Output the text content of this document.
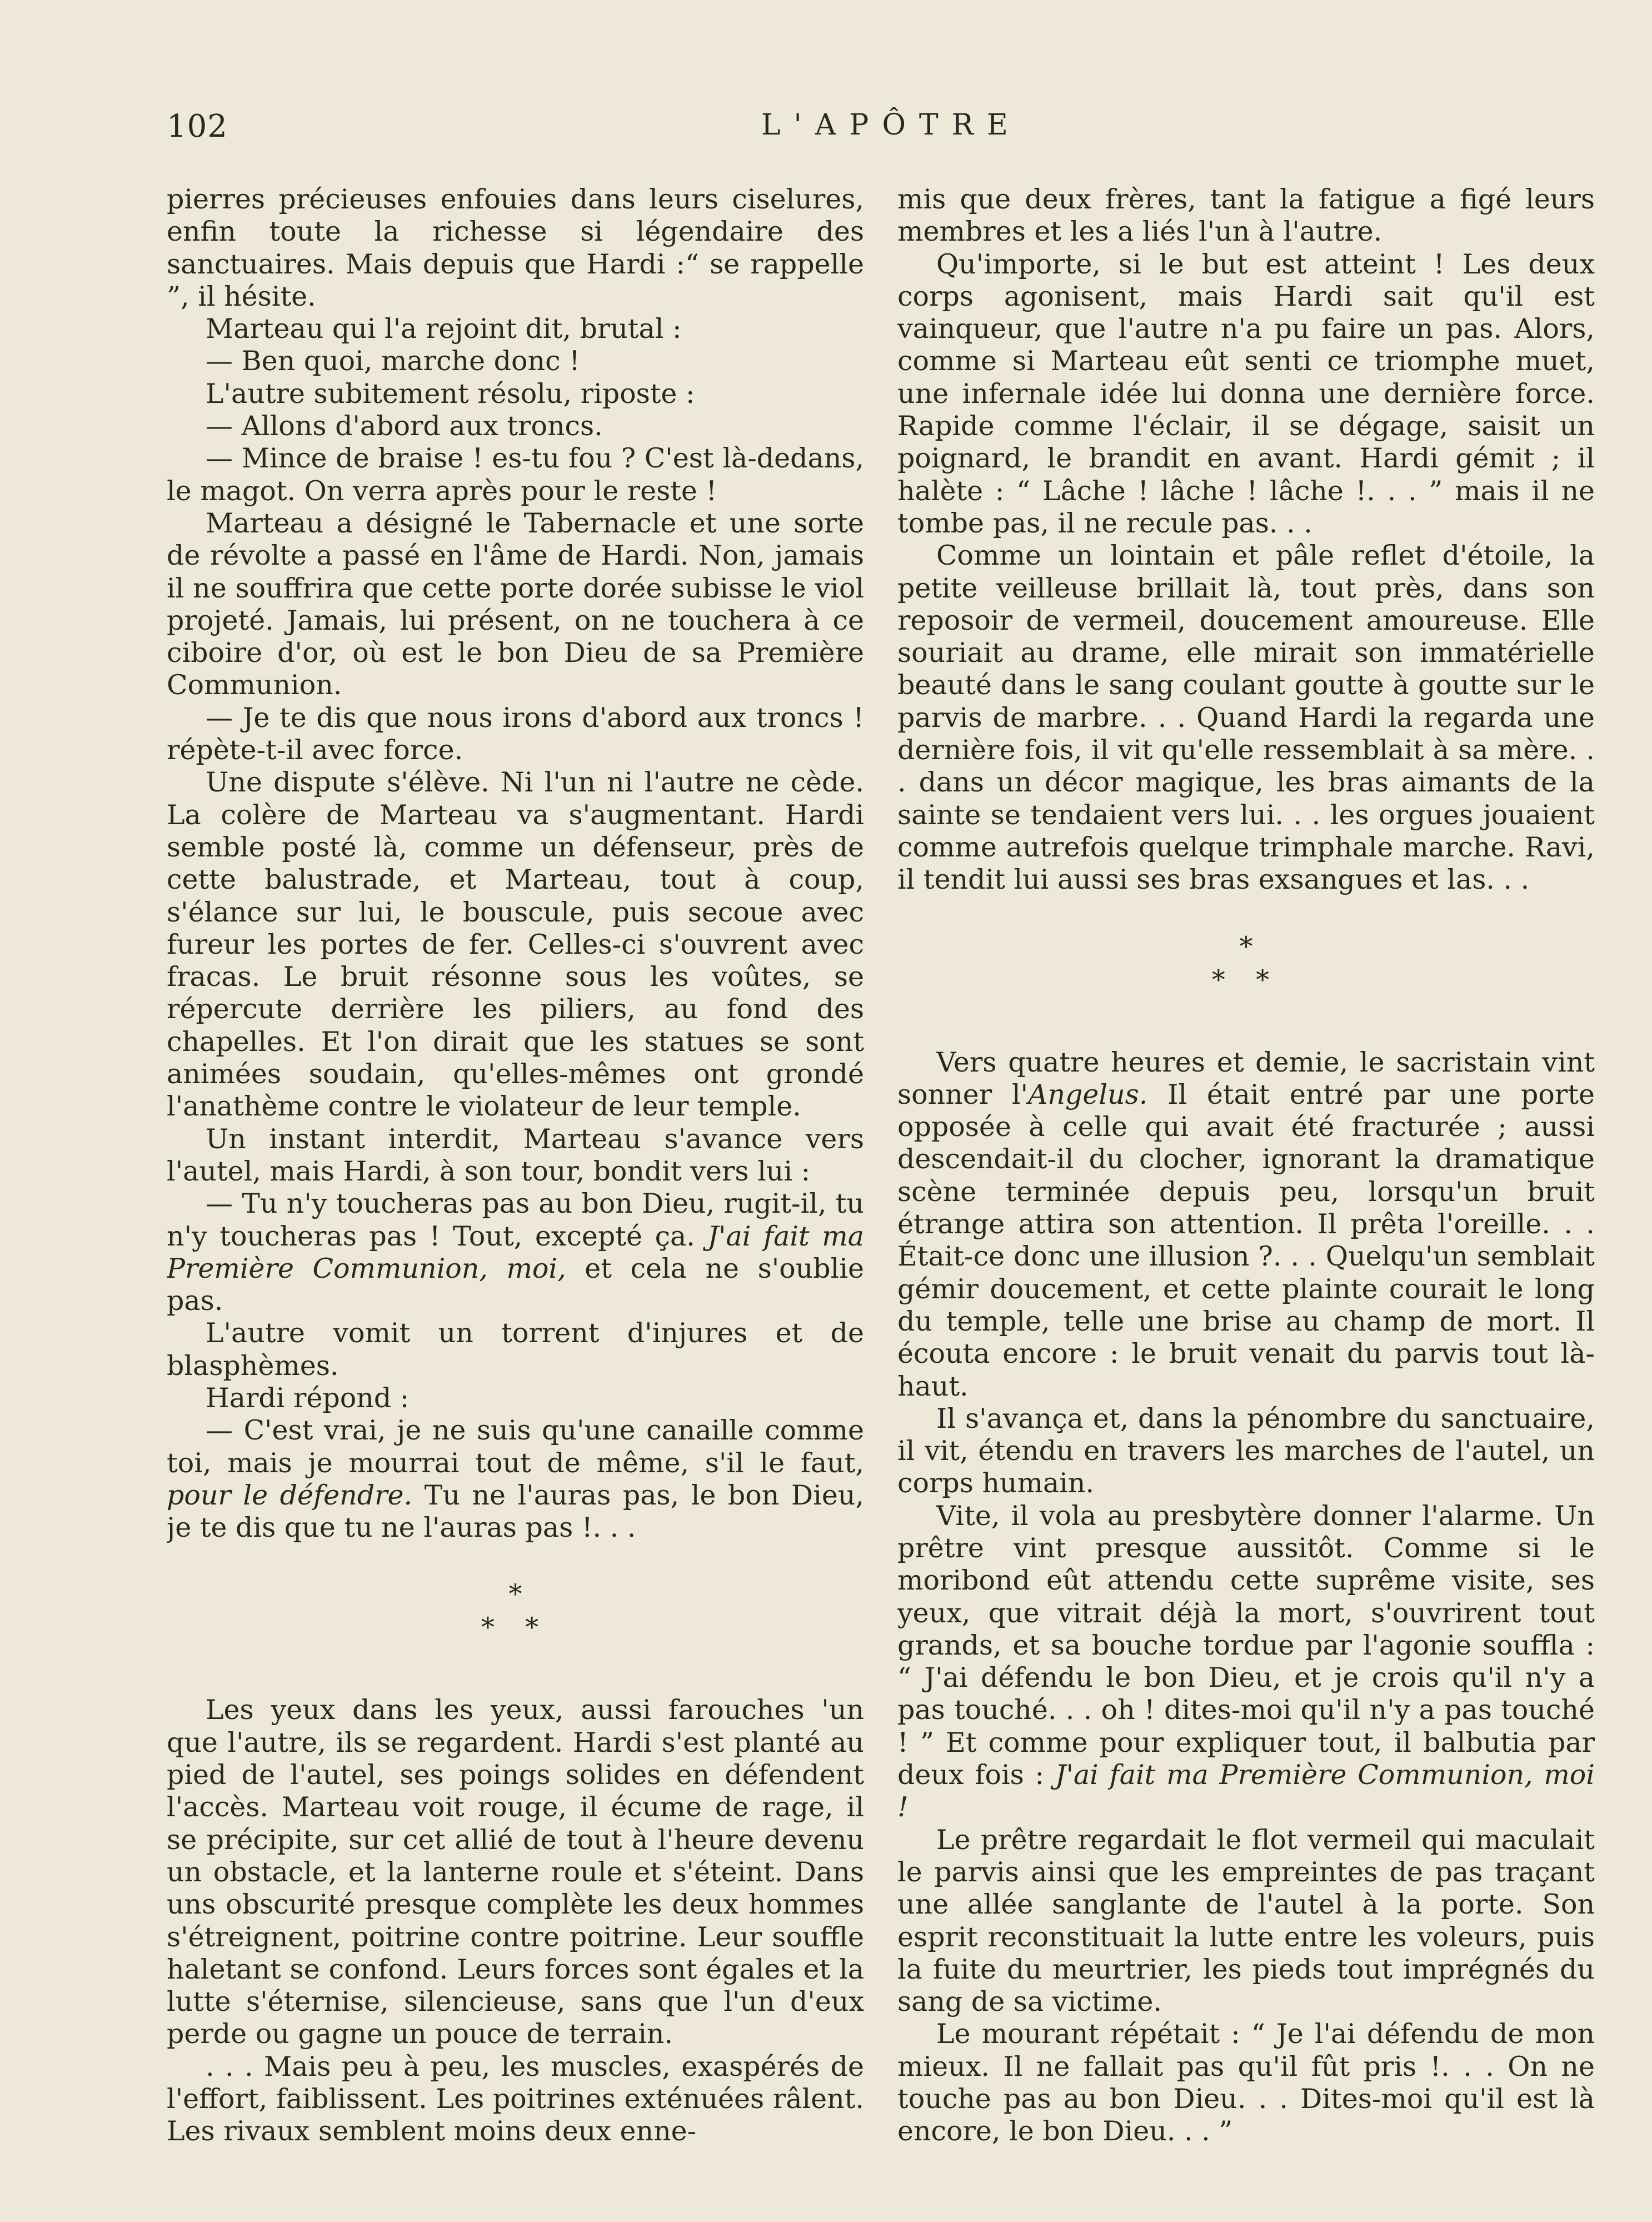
102	L'APÔTRE

pierres précieuses enfouies dans leurs ciselures, enfin toute la richesse si légendaire des sanctuaires. Mais depuis que Hardi :“ se rappelle ”, il hésite.

Marteau qui l'a rejoint dit, brutal :

— Ben quoi, marche donc !

L'autre subitement résolu, riposte :

— Allons d'abord aux troncs.

— Mince de braise ! es-tu fou ? C'est là-dedans, le magot. On verra après pour le reste !

Marteau a désigné le Tabernacle et une sorte de révolte a passé en l'âme de Hardi. Non, jamais il ne souffrira que cette porte dorée subisse le viol projeté. Jamais, lui présent, on ne touchera à ce ciboire d'or, où est le bon Dieu de sa Première Communion.

— Je te dis que nous irons d'abord aux troncs ! répète-t-il avec force.

Une dispute s'élève. Ni l'un ni l'autre ne cède. La colère de Marteau va s'augmentant. Hardi semble posté là, comme un défenseur, près de cette balustrade, et Marteau, tout à coup, s'élance sur lui, le bouscule, puis secoue avec fureur les portes de fer. Celles-ci s'ouvrent avec fracas. Le bruit résonne sous les voûtes, se répercute derrière les piliers, au fond des chapelles. Et l'on dirait que les statues se sont animées soudain, qu'elles-mêmes ont grondé l'anathème contre le violateur de leur temple.

Un instant interdit, Marteau s'avance vers l'autel, mais Hardi, à son tour, bondit vers lui :

— Tu n'y toucheras pas au bon Dieu, rugit-il, tu n'y toucheras pas ! Tout, excepté ça. J'ai fait ma Première Communion, moi, et cela ne s'oublie pas.

L'autre vomit un torrent d'injures et de blasphèmes.

Hardi répond :

— C'est vrai, je ne suis qu'une canaille comme toi, mais je mourrai tout de même, s'il le faut, pour le défendre. Tu ne l'auras pas, le bon Dieu, je te dis que tu ne l'auras pas !. . .

*
* *

Les yeux dans les yeux, aussi farouches 'un que l'autre, ils se regardent. Hardi s'est planté au pied de l'autel, ses poings solides en défendent l'accès. Marteau voit rouge, il écume de rage, il se précipite, sur cet allié de tout à l'heure devenu un obstacle, et la lanterne roule et s'éteint. Dans uns obscurité presque complète les deux hommes s'étreignent, poitrine contre poitrine. Leur souffle haletant se confond. Leurs forces sont égales et la lutte s'éternise, silencieuse, sans que l'un d'eux perde ou gagne un pouce de terrain.

. . . Mais peu à peu, les muscles, exaspérés de l'effort, faiblissent. Les poitrines exténuées râlent. Les rivaux semblent moins deux enne-

mis que deux frères, tant la fatigue a figé leurs membres et les a liés l'un à l'autre.

Qu'importe, si le but est atteint ! Les deux corps agonisent, mais Hardi sait qu'il est vainqueur, que l'autre n'a pu faire un pas. Alors, comme si Marteau eût senti ce triomphe muet, une infernale idée lui donna une dernière force. Rapide comme l'éclair, il se dégage, saisit un poignard, le brandit en avant. Hardi gémit ; il halète : “ Lâche ! lâche ! lâche !. . . ” mais il ne tombe pas, il ne recule pas. . .

Comme un lointain et pâle reflet d'étoile, la petite veilleuse brillait là, tout près, dans son reposoir de vermeil, doucement amoureuse. Elle souriait au drame, elle mirait son immatérielle beauté dans le sang coulant goutte à goutte sur le parvis de marbre. . . Quand Hardi la regarda une dernière fois, il vit qu'elle ressemblait à sa mère. . . dans un décor magique, les bras aimants de la sainte se tendaient vers lui. . . les orgues jouaient comme autrefois quelque trimphale marche. Ravi, il tendit lui aussi ses bras exsangues et las. . .

*
* *

Vers quatre heures et demie, le sacristain vint sonner l'Angelus. Il était entré par une porte opposée à celle qui avait été fracturée ; aussi descendait-il du clocher, ignorant la dramatique scène terminée depuis peu, lorsqu'un bruit étrange attira son attention. Il prêta l'oreille. . . Était-ce donc une illusion ?. . . Quelqu'un semblait gémir doucement, et cette plainte courait le long du temple, telle une brise au champ de mort. Il écouta encore : le bruit venait du parvis tout là-haut.

Il s'avança et, dans la pénombre du sanctuaire, il vit, étendu en travers les marches de l'autel, un corps humain.

Vite, il vola au presbytère donner l'alarme. Un prêtre vint presque aussitôt. Comme si le moribond eût attendu cette suprême visite, ses yeux, que vitrait déjà la mort, s'ouvrirent tout grands, et sa bouche tordue par l'agonie souffla : “ J'ai défendu le bon Dieu, et je crois qu'il n'y a pas touché. . . oh ! dites-moi qu'il n'y a pas touché ! ” Et comme pour expliquer tout, il balbutia par deux fois : J'ai fait ma Première Communion, moi !

Le prêtre regardait le flot vermeil qui maculait le parvis ainsi que les empreintes de pas traçant une allée sanglante de l'autel à la porte. Son esprit reconstituait la lutte entre les voleurs, puis la fuite du meurtrier, les pieds tout imprégnés du sang de sa victime.

Le mourant répétait : “ Je l'ai défendu de mon mieux. Il ne fallait pas qu'il fût pris !. . . On ne touche pas au bon Dieu. . . Dites-moi qu'il est là encore, le bon Dieu. . . ”
